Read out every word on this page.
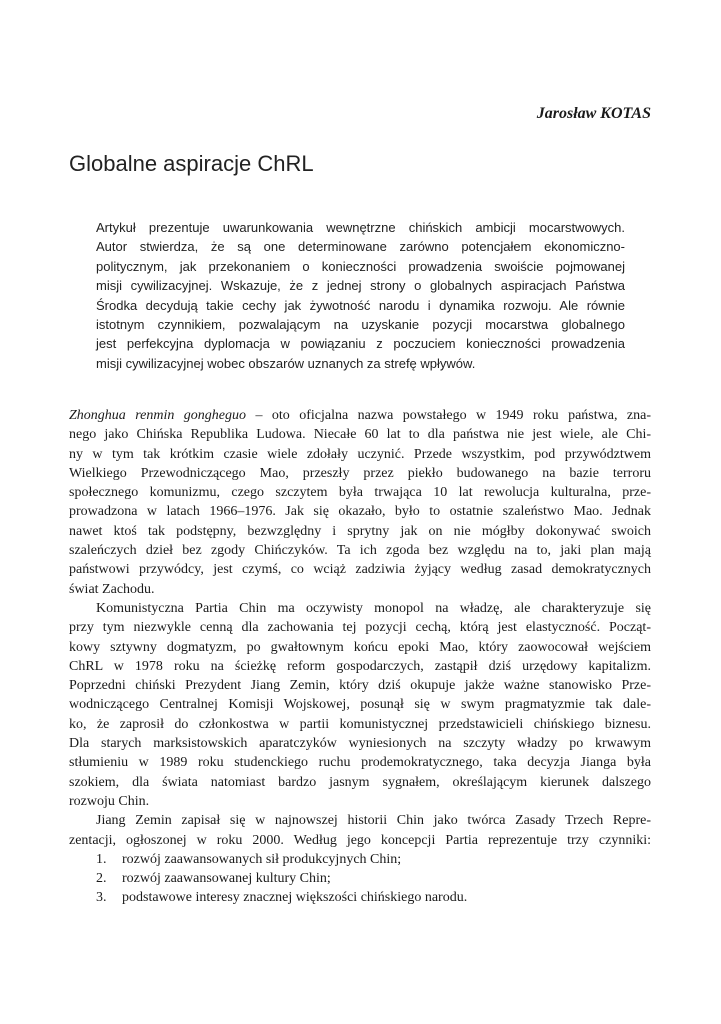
Jarosław KOTAS

Globalne aspiracje ChRL
Artykuł prezentuje uwarunkowania wewnętrzne chińskich ambicji mocarstwowych.
Autor stwierdza, że są one determinowane zarówno potencjałem ekonomiczno-
politycznym, jak przekonaniem o konieczności prowadzenia swoiście pojmowanej
misji cywilizacyjnej. Wskazuje, że z jednej strony o globalnych aspiracjach Państwa
Środka decydują takie cechy jak żywotność narodu i dynamika rozwoju. Ale równie
istotnym czynnikiem, pozwalającym na uzyskanie pozycji mocarstwa globalnego
jest perfekcyjna dyplomacja w powiązaniu z poczuciem konieczności prowadzenia
misji cywilizacyjnej wobec obszarów uznanych za strefę wpływów.
Zhonghua renmin gongheguo – oto oficjalna nazwa powstałego w 1949 roku państwa, zna-
nego jako Chińska Republika Ludowa. Niecałe 60 lat to dla państwa nie jest wiele, ale Chi-
ny w tym tak krótkim czasie wiele zdołały uczynić. Przede wszystkim, pod przywództwem
Wielkiego Przewodniczącego Mao, przeszły przez piekło budowanego na bazie terroru
społecznego komunizmu, czego szczytem była trwająca 10 lat rewolucja kulturalna, prze-
prowadzona w latach 1966–1976. Jak się okazało, było to ostatnie szaleństwo Mao. Jednak
nawet ktoś tak podstępny, bezwzględny i sprytny jak on nie mógłby dokonywać swoich
szaleńczych dzieł bez zgody Chińczyków. Ta ich zgoda bez względu na to, jaki plan mają
państwowi przywódcy, jest czymś, co wciąż zadziwia żyjący według zasad demokratycznych
świat Zachodu.
Komunistyczna Partia Chin ma oczywisty monopol na władzę, ale charakteryzuje się
przy tym niezwykle cenną dla zachowania tej pozycji cechą, którą jest elastyczność. Począt-
kowy sztywny dogmatyzm, po gwałtownym końcu epoki Mao, który zaowocował wejściem
ChRL w 1978 roku na ścieżkę reform gospodarczych, zastąpił dziś urzędowy kapitalizm.
Poprzedni chiński Prezydent Jiang Zemin, który dziś okupuje jakże ważne stanowisko Prze-
wodniczącego Centralnej Komisji Wojskowej, posunął się w swym pragmatyzmie tak dale-
ko, że zaprosił do członkostwa w partii komunistycznej przedstawicieli chińskiego biznesu.
Dla starych marksistowskich aparatczyków wyniesionych na szczyty władzy po krwawym
stłumieniu w 1989 roku studenckiego ruchu prodemokratycznego, taka decyzja Jianga była
szokiem, dla świata natomiast bardzo jasnym sygnałem, określającym kierunek dalszego
rozwoju Chin.
Jiang Zemin zapisał się w najnowszej historii Chin jako twórca Zasady Trzech Repre-
zentacji, ogłoszonej w roku 2000. Według jego koncepcji Partia reprezentuje trzy czynniki:
1. rozwój zaawansowanych sił produkcyjnych Chin;
2. rozwój zaawansowanej kultury Chin;
3. podstawowe interesy znacznej większości chińskiego narodu.
